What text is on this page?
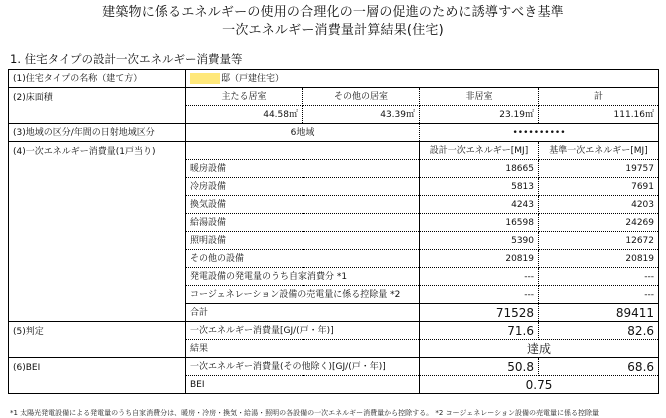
建築物に係るエネルギーの使用の合理化の一層の促進のために誘導すべき基準
一次エネルギー消費量計算結果(住宅)
1. 住宅タイプの設計一次エネルギー消費量等
(1)住宅タイプの名称（建て方）	邸（戸建住宅）			
(2)床面積	主たる居室	その他の居室	非居室	計
	44.58㎡	43.39㎡	23.19㎡	111.16㎡
(3)地域の区分/年間の日射地域区分	6地域		••••••••••	
(4)一次エネルギー消費量(1戸当り)			設計一次エネルギー[MJ]	基準一次エネルギー[MJ]
	暖房設備		18665	19757
	冷房設備		5813	7691
	換気設備		4243	4203
	給湯設備		16598	24269
	照明設備		5390	12672
	その他の設備		20819	20819
	発電設備の発電量のうち自家消費分 *1		---	---
	コージェネレーション設備の売電量に係る控除量 *2		---	---
	合計		71528	89411
(5)判定	一次エネルギー消費量[GJ/(戸・年)]		71.6	82.6
	結果		達成	
(6)BEI	一次エネルギー消費量(その他除く)[GJ/(戸・年)]		50.8	68.6
	BEI		0.75	
*1 太陽光発電設備による発電量のうち自家消費分は、暖房・冷房・換気・給湯・照明の各設備の一次エネルギー消費量から控除する。 *2 コージェネレーション設備の売電量に係る控除量
